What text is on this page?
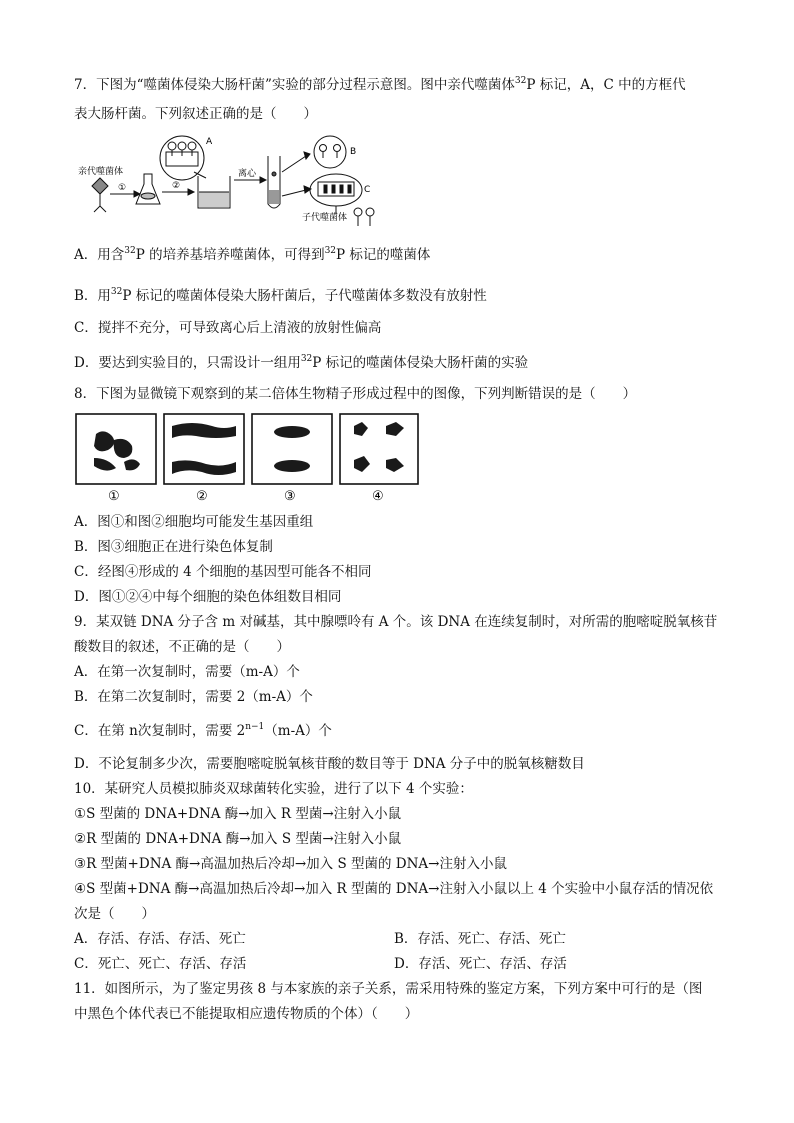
7．下图为“噬菌体侵染大肠杆菌”实验的部分过程示意图。图中亲代噬菌体$^{32}$P 标记，A，C 中的方框代
表大肠杆菌。下列叙述正确的是（　　）
亲代噬菌体
①	②
离心
A
B
C
子代噬菌体
A．用含$^{32}$P 的培养基培养噬菌体，可得到$^{32}$P 标记的噬菌体
B．用$^{32}$P 标记的噬菌体侵染大肠杆菌后，子代噬菌体多数没有放射性
C．搅拌不充分，可导致离心后上清液的放射性偏高
D．要达到实验目的，只需设计一组用$^{32}$P 标记的噬菌体侵染大肠杆菌的实验
8．下图为显微镜下观察到的某二倍体生物精子形成过程中的图像，下列判断错误的是（　　）
①	②	③	④
A．图①和图②细胞均可能发生基因重组
B．图③细胞正在进行染色体复制
C．经图④形成的 4 个细胞的基因型可能各不相同
D．图①②④中每个细胞的染色体组数目相同
9．某双链 DNA 分子含 m 对碱基，其中腺嘌呤有 A 个。该 DNA 在连续复制时，对所需的胞嘧啶脱氧核苷
酸数目的叙述，不正确的是（　　）
A．在第一次复制时，需要（m-A）个
B．在第二次复制时，需要 2（m-A）个
C．在第 n次复制时，需要 $2^{n-1}(m-A)$个
D．不论复制多少次，需要胞嘧啶脱氧核苷酸的数目等于 DNA 分子中的脱氧核糖数目
10．某研究人员模拟肺炎双球菌转化实验，进行了以下 4 个实验：
①S 型菌的 DNA+DNA 酶→加入 R 型菌→注射入小鼠
②R 型菌的 DNA+DNA 酶→加入 S 型菌→注射入小鼠
③R 型菌+DNA 酶→高温加热后冷却→加入 S 型菌的 DNA→注射入小鼠
④S 型菌+DNA 酶→高温加热后冷却→加入 R 型菌的 DNA→注射入小鼠以上 4 个实验中小鼠存活的情况依
次是（　　）
A．存活、存活、存活、死亡	B．存活、死亡、存活、死亡
C．死亡、死亡、存活、存活	D．存活、死亡、存活、存活
11．如图所示，为了鉴定男孩 8 与本家族的亲子关系，需采用特殊的鉴定方案，下列方案中可行的是（图
中黑色个体代表已不能提取相应遗传物质的个体）（　　）
